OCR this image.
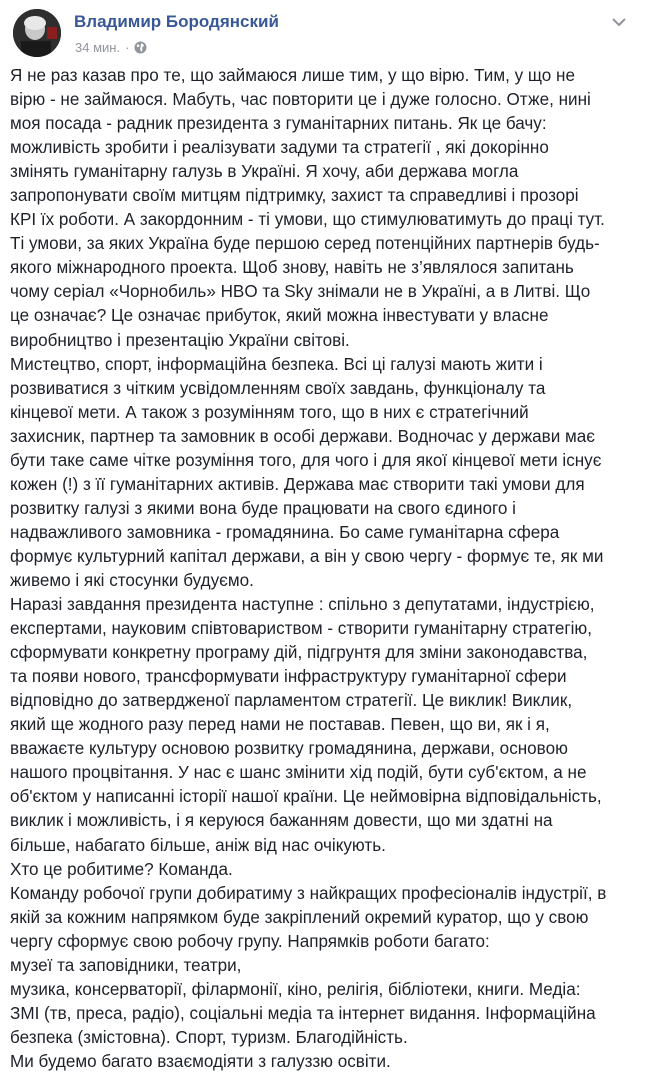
Владимир Бородянский
34 мин. ·
Я не раз казав про те, що займаюся лише тим, у що вірю. Тим, у що не
вірю - не займаюся. Мабуть, час повторити це і дуже голосно. Отже, нині
моя посада - радник президента з гуманітарних питань. Як це бачу:
можливість зробити і реалізувати задуми та стратегії , які докорінно
змінять гуманітарну галузь в Україні. Я хочу, аби держава могла
запропонувати своїм митцям підтримку, захист та справедливі і прозорі
КРІ їх роботи. А закордонним - ті умови, що стимулюватимуть до праці тут.
Ті умови, за яких Україна буде першою серед потенційних партнерів будь-
якого міжнародного проекта. Щоб знову, навіть не з’являлося запитань
чому серіал «Чорнобиль» HBO та Sky знімали не в Україні, а в Литві. Що
це означає? Це означає прибуток, який можна інвестувати у власне
виробництво і презентацію України світові.
Мистецтво, спорт, інформаційна безпека. Всі ці галузі мають жити і
розвиватися з чітким усвідомленням своїх завдань, функціоналу та
кінцевої мети. А також з розумінням того, що в них є стратегічний
захисник, партнер та замовник в особі держави. Водночас у держави має
бути таке саме чітке розуміння того, для чого і для якої кінцевої мети існує
кожен (!) з її гуманітарних активів. Держава має створити такі умови для
розвитку галузі з якими вона буде працювати на свого єдиного і
надважливого замовника - громадянина. Бо саме гуманітарна сфера
формує культурний капітал держави, а він у свою чергу - формує те, як ми
живемо і які стосунки будуємо.
Наразі завдання президента наступне : спільно з депутатами, індустрією,
експертами, науковим співтовариством - створити гуманітарну стратегію,
сформувати конкретну програму дій, підгрунтя для зміни законодавства,
та появи нового, трансформувати інфраструктуру гуманітарної сфери
відповідно до затвердженої парламентом стратегії. Це виклик! Виклик,
який ще жодного разу перед нами не поставав. Певен, що ви, як і я,
вважаєте культуру основою розвитку громадянина, держави, основою
нашого процвітання. У нас є шанс змінити хід подій, бути суб'єктом, а не
об'єктом у написанні історії нашої країни. Це неймовірна відповідальність,
виклик і можливість, і я керуюся бажанням довести, що ми здатні на
більше, набагато більше, аніж від нас очікують.
Хто це робитиме? Команда.
Команду робочої групи добиратиму з найкращих професіоналів індустрії, в
якій за кожним напрямком буде закріплений окремий куратор, що у свою
чергу сформує свою робочу групу. Напрямків роботи багато:
музеї та заповідники, театри,
музика, консерваторії, філармонії, кіно, релігія, бібліотеки, книги. Медіа:
ЗМІ (тв, преса, радіо), соціальні медіа та інтернет видання. Інформаційна
безпека (змістовна). Спорт, туризм. Благодійність.
Ми будемо багато взаємодіяти з галуззю освіти.
